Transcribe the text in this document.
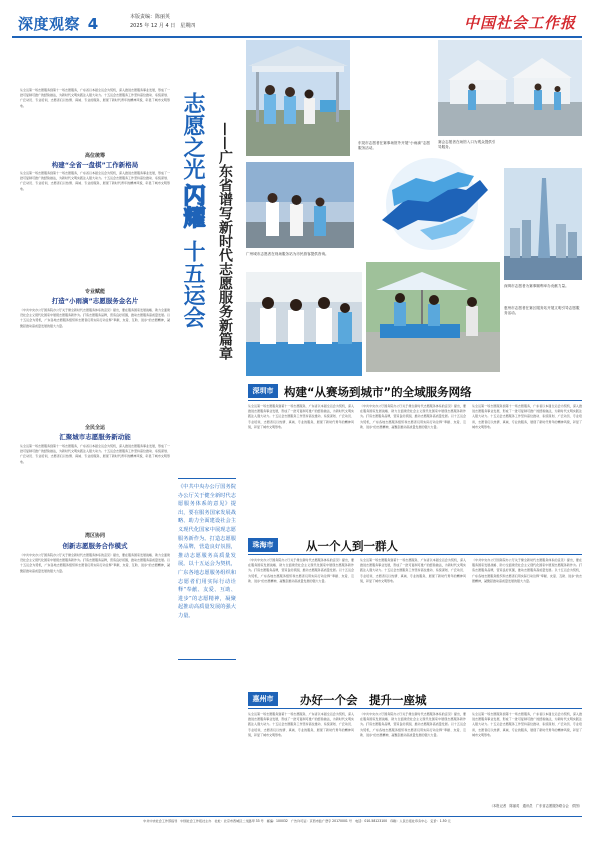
深度观察 4	本版责编：陈丽英
2025 年 12 月 4 日　星期四	中国社会工作报
从全运第一场志愿服务到第十一场志愿服务，广东省以本届全运会为契机，深入推进志愿服务事业发展，形成了一批可复制可推广的经验做法，为新时代文明实践注入强大动力。十五运会志愿服务工作坚持高位推动、系统谋划、广泛动员、专业培训，志愿者们以热情、真诚、专业的服务，展现了新时代青年的精神风貌，彰显了城市文明形象。
高位统筹
构建“全省一盘棋”工作新格局
从全运第一场志愿服务到第十一场志愿服务，广东省以本届全运会为契机，深入推进志愿服务事业发展，形成了一批可复制可推广的经验做法，为新时代文明实践注入强大动力。十五运会志愿服务工作坚持高位推动、系统谋划、广泛动员、专业培训，志愿者们以热情、真诚、专业的服务，展现了新时代青年的精神风貌，彰显了城市文明形象。
专业赋能
打造“小雨滴”志愿服务金名片
《中共中央办公厅国务院办公厅关于健全新时代志愿服务体系的意见》提出，要在服务国家发展战略、助力全面建设社会主义现代化国家中展现志愿服务新作为。打造志愿服务品牌，营造良好氛围，推动志愿服务高质量发展。以十五运会为契机，广东各地志愿服务组织和志愿者们用实际行动诠释“奉献、友爱、互助、进步”的志愿精神，凝聚起推动高质量发展的强大力量。
全民全运
汇聚城市志愿服务新动能
从全运第一场志愿服务到第十一场志愿服务，广东省以本届全运会为契机，深入推进志愿服务事业发展，形成了一批可复制可推广的经验做法，为新时代文明实践注入强大动力。十五运会志愿服务工作坚持高位推动、系统谋划、广泛动员、专业培训，志愿者们以热情、真诚、专业的服务，展现了新时代青年的精神风貌，彰显了城市文明形象。
湾区协同
创新志愿服务合作模式
《中共中央办公厅国务院办公厅关于健全新时代志愿服务体系的意见》提出，要在服务国家发展战略、助力全面建设社会主义现代化国家中展现志愿服务新作为。打造志愿服务品牌，营造良好氛围，推动志愿服务高质量发展。以十五运会为契机，广东各地志愿服务组织和志愿者们用实际行动诠释“奉献、友爱、互助、进步”的志愿精神，凝聚起推动高质量发展的强大力量。
志愿之光
闪耀
十五运会 ——广东省谱写新时代志愿服务新篇章
《中共中央办公厅国务院办公厅关于健全新时代志愿服务体系的意见》提出，要在服务国家发展战略、助力全面建设社会主义现代化国家中展现志愿服务新作为。打造志愿服务品牌，营造良好氛围，推动志愿服务高质量发展。以十五运会为契机，广东各地志愿服务组织和志愿者们用实际行动诠释“奉献、友爱、互助、进步”的志愿精神，凝聚起推动高质量发展的强大力量。
东莞市志愿者在赛事场馆外开展“小雨滴”志愿服务活动。
赛会志愿者在场馆入口为观众提供引导服务。
广州城市志愿者在现场服务站为市民游客提供咨询。
深圳市志愿者为赛事顺利举办贡献力量。
惠州市志愿者在赛区服务站开展文明引导志愿服务活动。
深圳市 构建“从赛场到城市”的全域服务网络
从全运第一场志愿服务到第十一场志愿服务，广东省以本届全运会为契机，深入推进志愿服务事业发展，形成了一批可复制可推广的经验做法，为新时代文明实践注入强大动力。十五运会志愿服务工作坚持高位推动、系统谋划、广泛动员、专业培训，志愿者们以热情、真诚、专业的服务，展现了新时代青年的精神风貌，彰显了城市文明形象。
《中共中央办公厅国务院办公厅关于健全新时代志愿服务体系的意见》提出，要在服务国家发展战略、助力全面建设社会主义现代化国家中展现志愿服务新作为。打造志愿服务品牌，营造良好氛围，推动志愿服务高质量发展。以十五运会为契机，广东各地志愿服务组织和志愿者们用实际行动诠释“奉献、友爱、互助、进步”的志愿精神，凝聚起推动高质量发展的强大力量。
从全运第一场志愿服务到第十一场志愿服务，广东省以本届全运会为契机，深入推进志愿服务事业发展，形成了一批可复制可推广的经验做法，为新时代文明实践注入强大动力。十五运会志愿服务工作坚持高位推动、系统谋划、广泛动员、专业培训，志愿者们以热情、真诚、专业的服务，展现了新时代青年的精神风貌，彰显了城市文明形象。
珠海市	从一个人到一群人
《中共中央办公厅国务院办公厅关于健全新时代志愿服务体系的意见》提出，要在服务国家发展战略、助力全面建设社会主义现代化国家中展现志愿服务新作为。打造志愿服务品牌，营造良好氛围，推动志愿服务高质量发展。以十五运会为契机，广东各地志愿服务组织和志愿者们用实际行动诠释“奉献、友爱、互助、进步”的志愿精神，凝聚起推动高质量发展的强大力量。
从全运第一场志愿服务到第十一场志愿服务，广东省以本届全运会为契机，深入推进志愿服务事业发展，形成了一批可复制可推广的经验做法，为新时代文明实践注入强大动力。十五运会志愿服务工作坚持高位推动、系统谋划、广泛动员、专业培训，志愿者们以热情、真诚、专业的服务，展现了新时代青年的精神风貌，彰显了城市文明形象。
《中共中央办公厅国务院办公厅关于健全新时代志愿服务体系的意见》提出，要在服务国家发展战略、助力全面建设社会主义现代化国家中展现志愿服务新作为。打造志愿服务品牌，营造良好氛围，推动志愿服务高质量发展。以十五运会为契机，广东各地志愿服务组织和志愿者们用实际行动诠释“奉献、友爱、互助、进步”的志愿精神，凝聚起推动高质量发展的强大力量。
惠州市	办好一个会　提升一座城
从全运第一场志愿服务到第十一场志愿服务，广东省以本届全运会为契机，深入推进志愿服务事业发展，形成了一批可复制可推广的经验做法，为新时代文明实践注入强大动力。十五运会志愿服务工作坚持高位推动、系统谋划、广泛动员、专业培训，志愿者们以热情、真诚、专业的服务，展现了新时代青年的精神风貌，彰显了城市文明形象。
《中共中央办公厅国务院办公厅关于健全新时代志愿服务体系的意见》提出，要在服务国家发展战略、助力全面建设社会主义现代化国家中展现志愿服务新作为。打造志愿服务品牌，营造良好氛围，推动志愿服务高质量发展。以十五运会为契机，广东各地志愿服务组织和志愿者们用实际行动诠释“奉献、友爱、互助、进步”的志愿精神，凝聚起推动高质量发展的强大力量。
从全运第一场志愿服务到第十一场志愿服务，广东省以本届全运会为契机，深入推进志愿服务事业发展，形成了一批可复制可推广的经验做法，为新时代文明实践注入强大动力。十五运会志愿服务工作坚持高位推动、系统谋划、广泛动员、专业培训，志愿者们以热情、真诚、专业的服务，展现了新时代青年的精神风貌，彰显了城市文明形象。
（本报记者　陈丽英　通讯员　广东省志愿服务联合会　供图）
中共中央社会工作部指导　中国社会工作报社主办　社址：北京市西城区二龙路甲 33 号　邮编：100032　广告许可证：京西市监广登字 20170001 号　电话：010-58123100　印刷：人民日报社印务中心　定价：1.50 元
